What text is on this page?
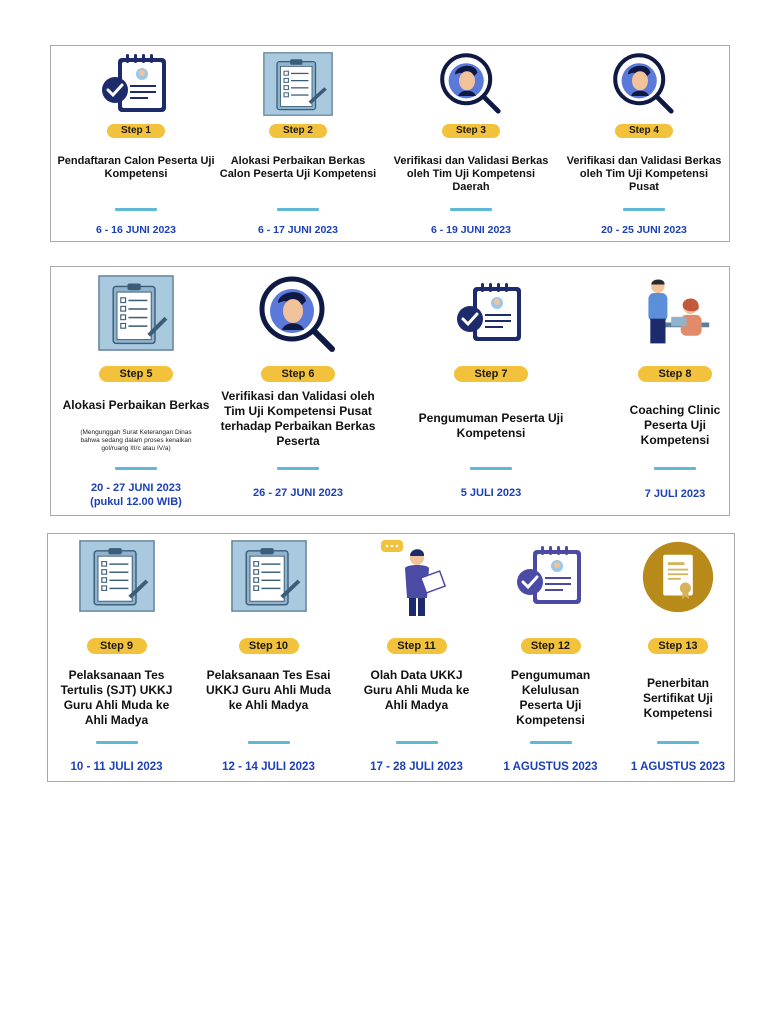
Step 1
Pendaftaran Calon Peserta Uji Kompetensi
6 - 16 JUNI 2023
Step 2
Alokasi Perbaikan Berkas Calon Peserta Uji Kompetensi
6 - 17 JUNI 2023
Step 3
Verifikasi dan Validasi Berkas oleh Tim Uji Kompetensi Daerah
6 - 19 JUNI 2023
Step 4
Verifikasi dan Validasi Berkas oleh Tim Uji Kompetensi Pusat
20 - 25 JUNI 2023
Step 5
Alokasi Perbaikan Berkas
(Mengunggah Surat Keterangan Dinas bahwa sedang dalam proses kenaikan gol/ruang III/c atau IV/a)
20 - 27 JUNI 2023
(pukul 12.00 WIB)
Step 6
Verifikasi dan Validasi oleh Tim Uji Kompetensi Pusat terhadap Perbaikan Berkas Peserta
26 - 27 JUNI 2023
Step 7
Pengumuman Peserta Uji Kompetensi
5 JULI 2023
Step 8
Coaching Clinic Peserta Uji Kompetensi
7 JULI 2023
Step 9
Pelaksanaan Tes Tertulis (SJT) UKKJ Guru Ahli Muda ke Ahli Madya
10 - 11 JULI 2023
Step 10
Pelaksanaan Tes Esai UKKJ Guru Ahli Muda ke Ahli Madya
12 - 14 JULI 2023
Step 11
Olah Data UKKJ Guru Ahli Muda ke Ahli Madya
17 - 28 JULI 2023
Step 12
Pengumuman Kelulusan Peserta Uji Kompetensi
1 AGUSTUS 2023
Step 13
Penerbitan Sertifikat Uji Kompetensi
1 AGUSTUS 2023
